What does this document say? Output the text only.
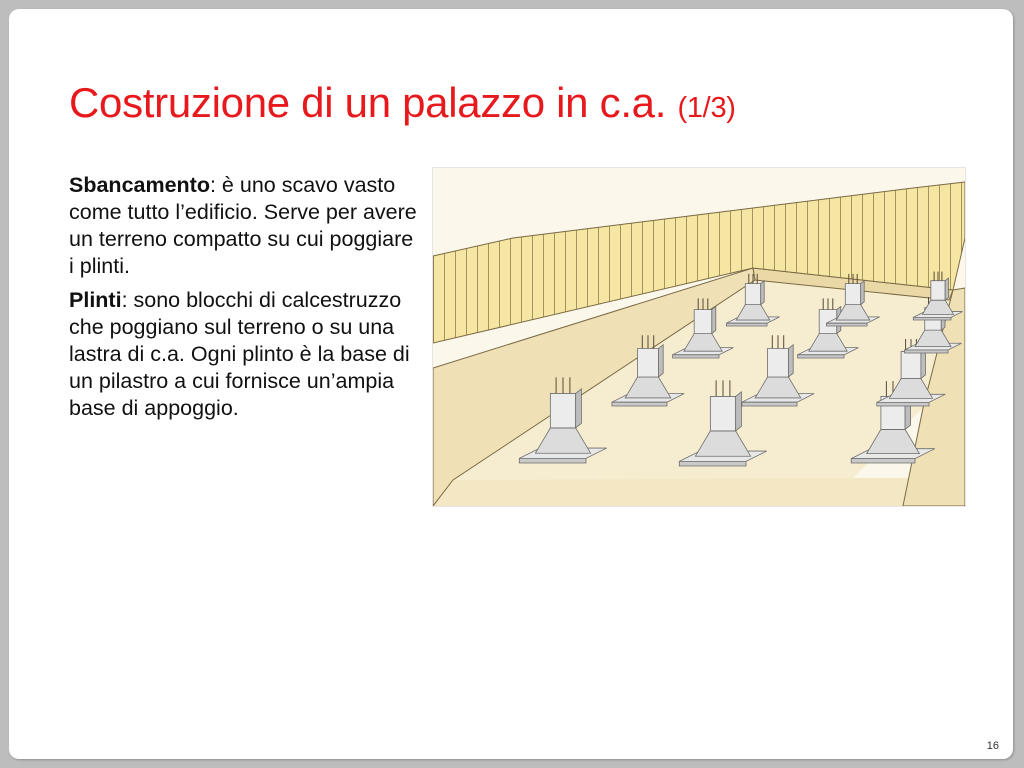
Costruzione di un palazzo in c.a. (1/3)

Sbancamento: è uno scavo vasto come tutto l’edificio. Serve per avere un terreno compatto su cui poggiare i plinti.

Plinti: sono blocchi di calcestruzzo che poggiano sul terreno o su una lastra di c.a. Ogni plinto è la base di un pilastro a cui fornisce un’ampia base di appoggio.

16
